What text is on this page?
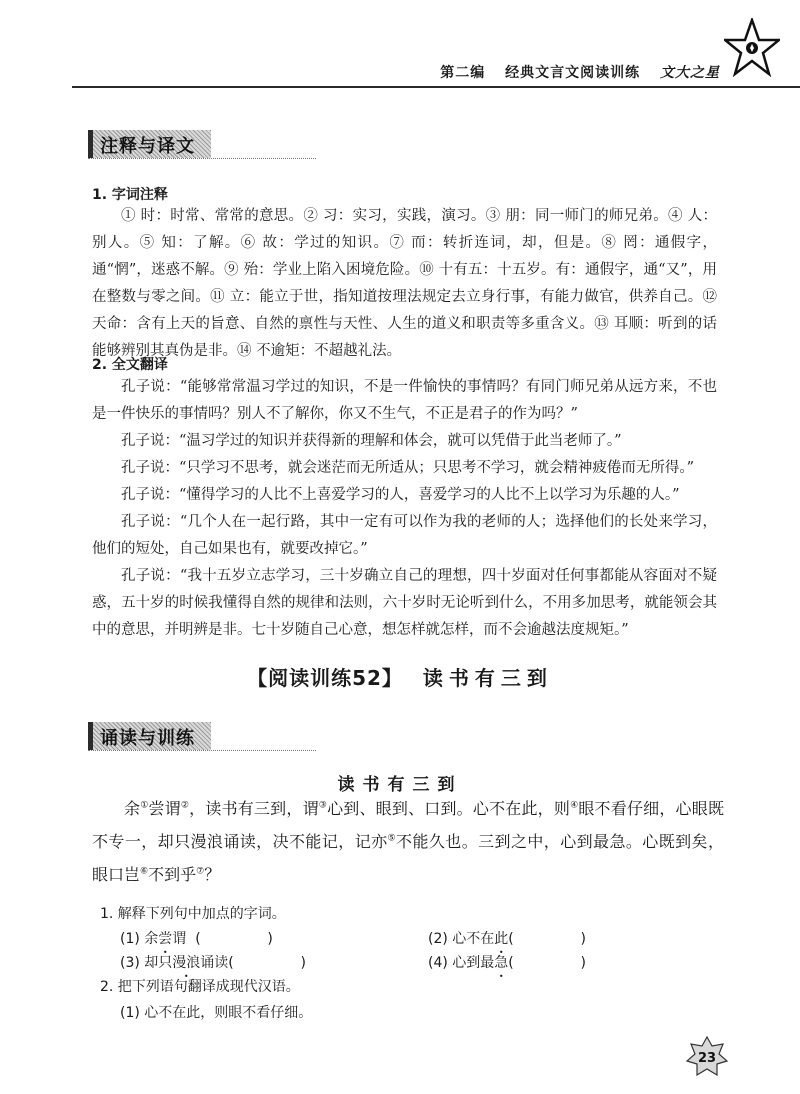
第二编 经典文言文阅读训练 文大之星
注释与译文
1. 字词注释

① 时：时常、常常的意思。② 习：实习，实践，演习。③ 朋：同一师门的师兄弟。④ 人：别人。⑤ 知：了解。⑥ 故：学过的知识。⑦ 而：转折连词，却，但是。⑧ 罔：通假字，通“惘”，迷惑不解。⑨ 殆：学业上陷入困境危险。⑩ 十有五：十五岁。有：通假字，通“又”，用在整数与零之间。⑪ 立：能立于世，指知道按理法规定去立身行事，有能力做官，供养自己。⑫ 天命：含有上天的旨意、自然的禀性与天性、人生的道义和职责等多重含义。⑬ 耳顺：听到的话能够辨别其真伪是非。⑭ 不逾矩：不超越礼法。

2. 全文翻译

孔子说：“能够常常温习学过的知识，不是一件愉快的事情吗？有同门师兄弟从远方来，不也是一件快乐的事情吗？别人不了解你，你又不生气，不正是君子的作为吗？”

孔子说：“温习学过的知识并获得新的理解和体会，就可以凭借于此当老师了。”

孔子说：“只学习不思考，就会迷茫而无所适从；只思考不学习，就会精神疲倦而无所得。”

孔子说：“懂得学习的人比不上喜爱学习的人，喜爱学习的人比不上以学习为乐趣的人。”

孔子说：“几个人在一起行路，其中一定有可以作为我的老师的人；选择他们的长处来学习，他们的短处，自己如果也有，就要改掉它。”

孔子说：“我十五岁立志学习，三十岁确立自己的理想，四十岁面对任何事都能从容面对不疑惑，五十岁的时候我懂得自然的规律和法则，六十岁时无论听到什么，不用多加思考，就能领会其中的意思，并明辨是非。七十岁随自己心意，想怎样就怎样，而不会逾越法度规矩。”

【阅读训练52】 读书有三到
诵读与训练
读书有三到

余①尝谓②，读书有三到，谓③心到、眼到、口到。心不在此，则④眼不看仔细，心眼既不专一，却只漫浪诵读，决不能记，记亦⑤不能久也。三到之中，心到最急。心既到矣，眼口岂⑥不到乎⑦？

1. 解释下列句中加点的字词。
(1) 余尝谓 (               )	(2) 心不在此(               )
(3) 却只漫浪诵读(               )	(4) 心到最急(               )
2. 把下列语句翻译成现代汉语。
(1) 心不在此，则眼不看仔细。
23
